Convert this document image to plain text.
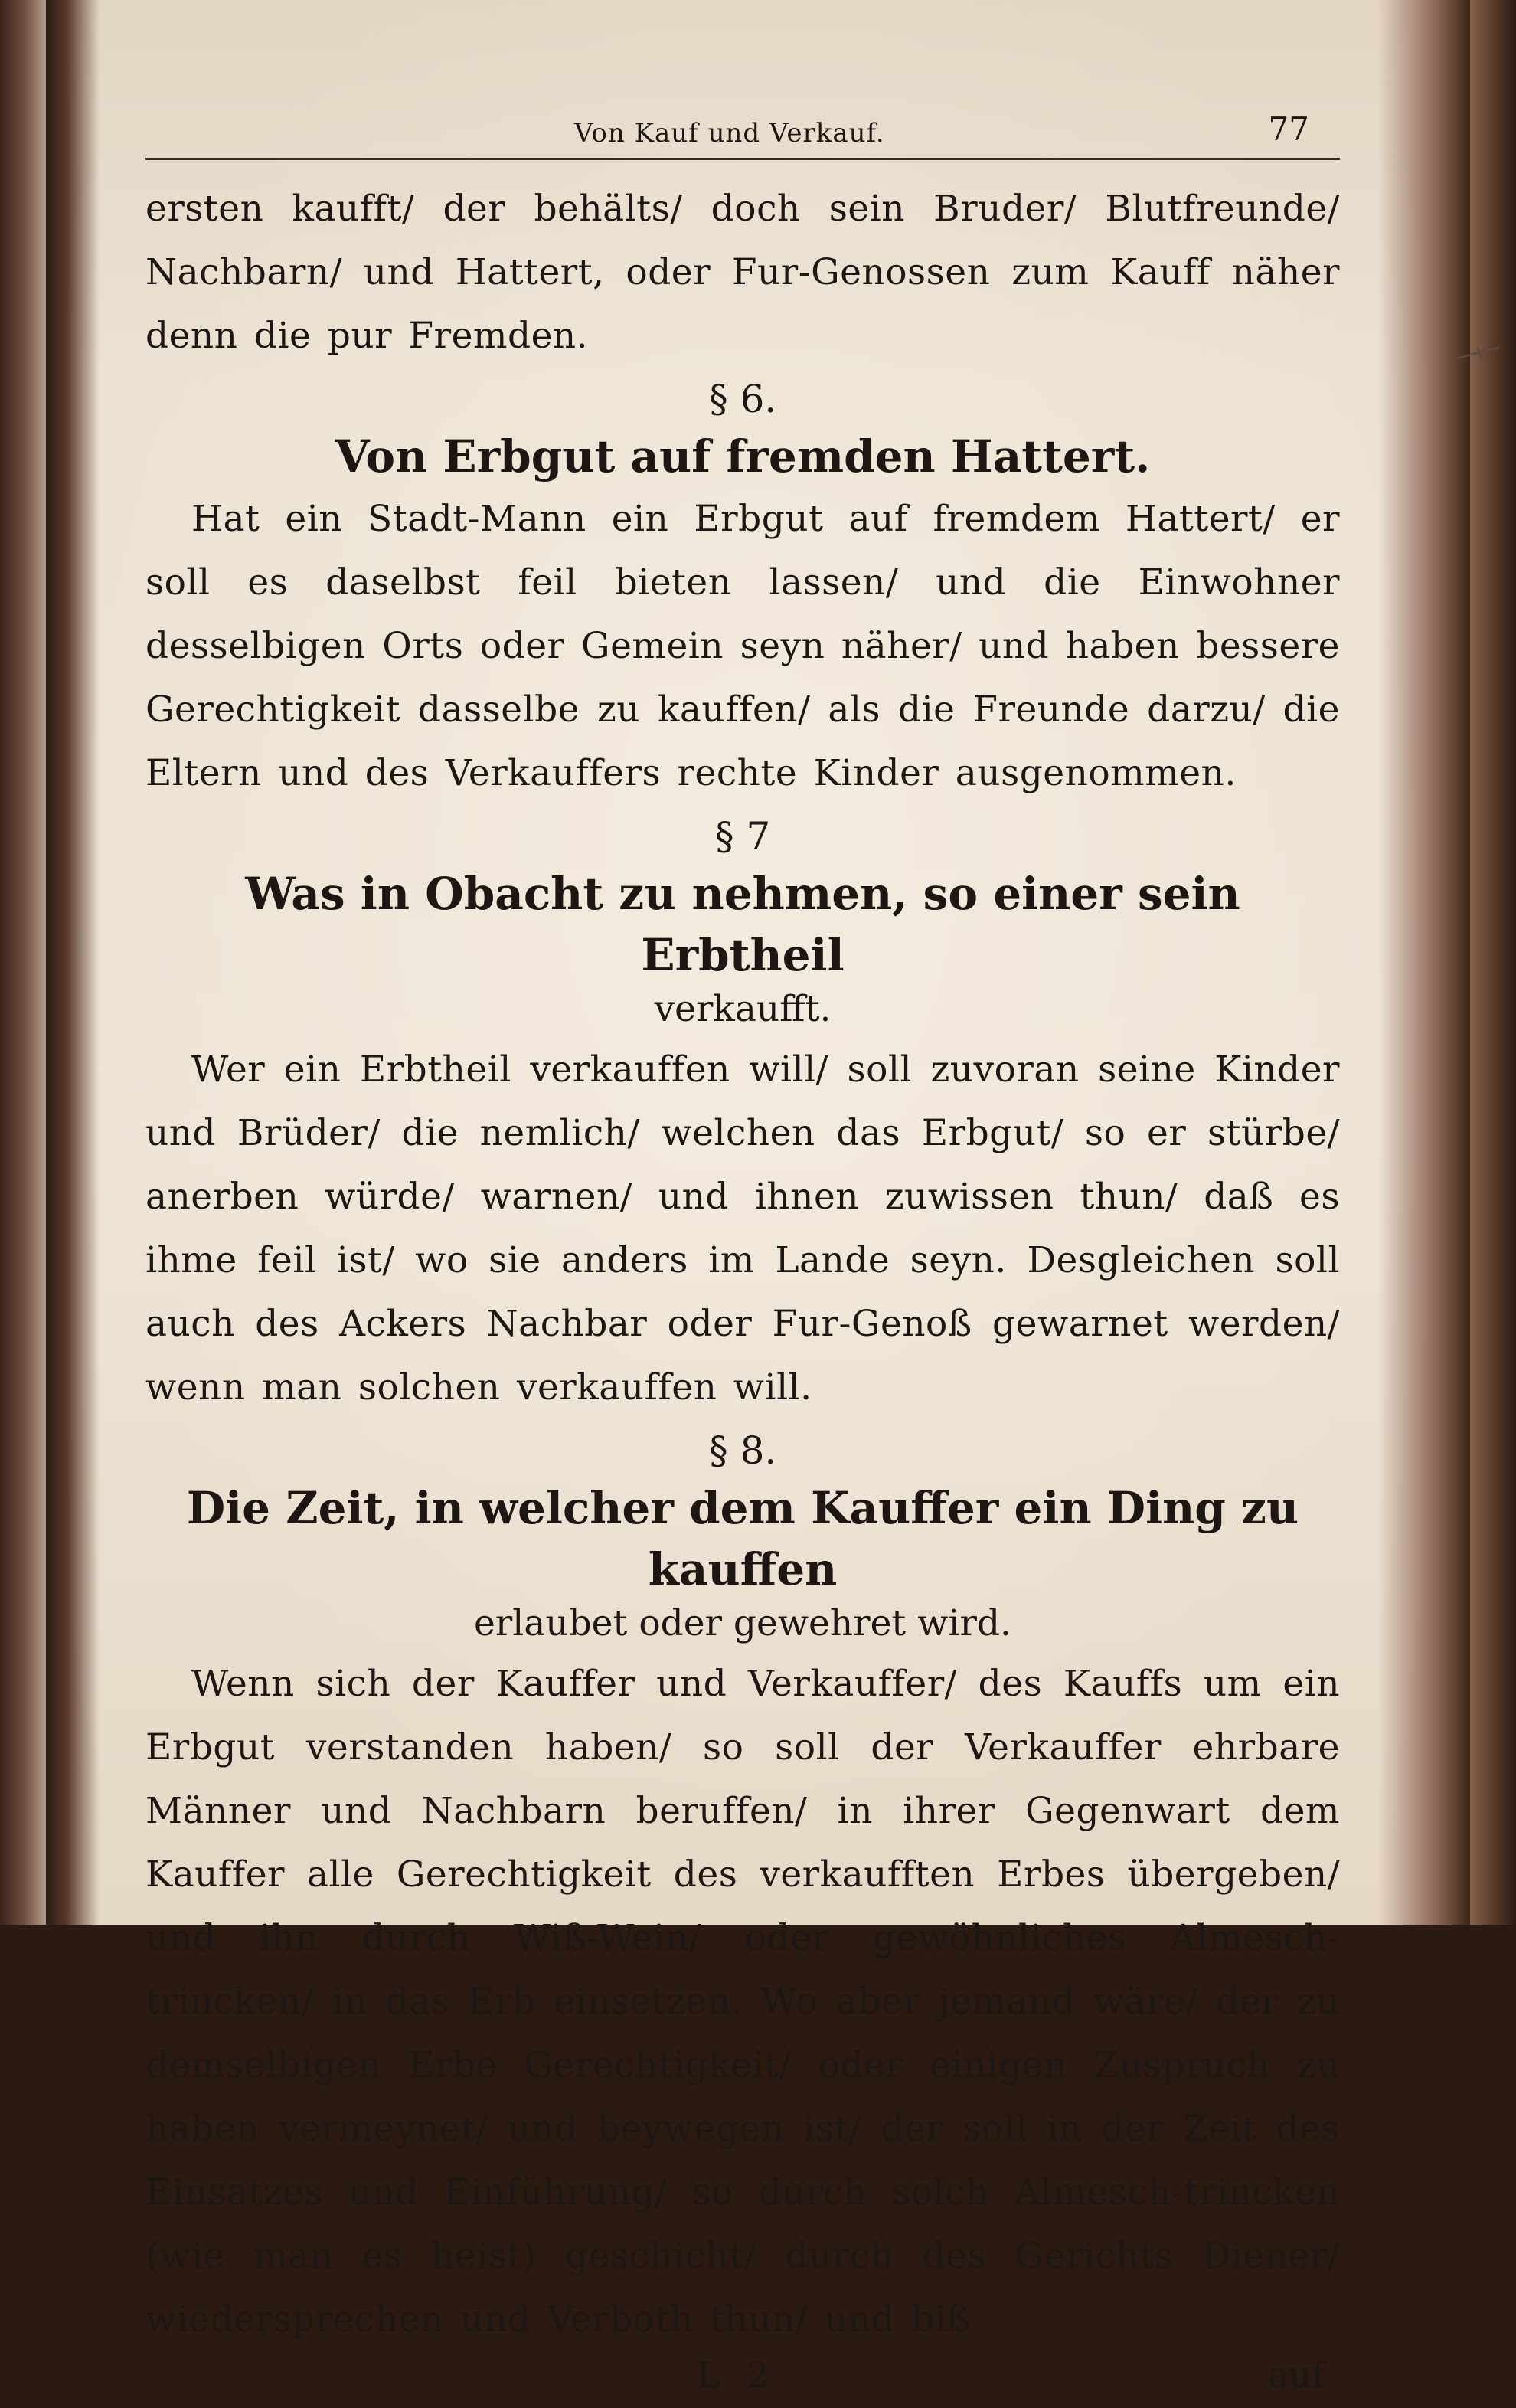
Von Kauf und Verkauf.	77

ersten kaufft/ der behälts/ doch sein Bruder/ Blutfreunde/ Nachbarn/ und Hattert, oder Fur-Genossen zum Kauff näher denn die pur Fremden.

§ 6.
Von Erbgut auf fremden Hattert.

Hat ein Stadt-Mann ein Erbgut auf fremdem Hattert/ er soll es daselbst feil bieten lassen/ und die Einwohner desselbigen Orts oder Gemein seyn näher/ und haben bessere Gerechtigkeit dasselbe zu kauffen/ als die Freunde darzu/ die Eltern und des Verkauffers rechte Kinder ausgenommen.

§ 7
Was in Obacht zu nehmen, so einer sein Erbtheil
verkaufft.

Wer ein Erbtheil verkauffen will/ soll zuvoran seine Kinder und Brüder/ die nemlich/ welchen das Erbgut/ so er stürbe/ anerben würde/ warnen/ und ihnen zuwissen thun/ daß es ihme feil ist/ wo sie anders im Lande seyn. Desgleichen soll auch des Ackers Nachbar oder Fur-Genoß gewarnet werden/ wenn man solchen verkauffen will.

§ 8.
Die Zeit, in welcher dem Kauffer ein Ding zu kauffen
erlaubet oder gewehret wird.

Wenn sich der Kauffer und Verkauffer/ des Kauffs um ein Erbgut verstanden haben/ so soll der Verkauffer ehrbare Männer und Nachbarn beruffen/ in ihrer Gegenwart dem Kauffer alle Gerechtigkeit des verkaufften Erbes übergeben/ und ihn durch Wiß-Wein/ oder gewöhnliches Almesch-trincken/ in das Erb einsetzen. Wo aber jemand wäre/ der zu demselbigen Erbe Gerechtigkeit/ oder einigen Zuspruch zu haben vermeynet/ und beywegen ist/ der soll in der Zeit des Einsatzes und Einführung/ so durch solch Almesch-trincken (wie man es heist) geschicht/ durch des Gerichts Diener/ wiedersprechen und Verboth thun/ und biß

L 2	auf
